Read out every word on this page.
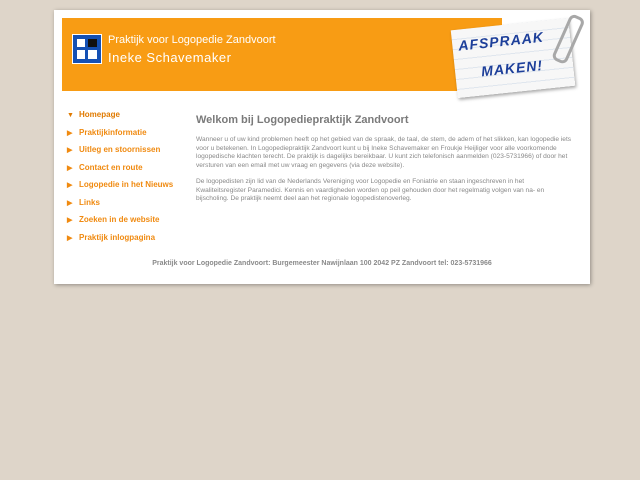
Praktijk voor Logopedie Zandvoort
Ineke Schavemaker
AFSPRAAK
MAKEN!
▼ Homepage
▶ Praktijkinformatie
▶ Uitleg en stoornissen
▶ Contact en route
▶ Logopedie in het Nieuws
▶ Links
▶ Zoeken in de website
▶ Praktijk inlogpagina
Welkom bij Logopediepraktijk Zandvoort

Wanneer u of uw kind problemen heeft op het gebied van de spraak, de taal, de stem, de adem of het slikken, kan logopedie iets voor u betekenen. In Logopediepraktijk Zandvoort kunt u bij Ineke Schavemaker en Froukje Heijliger voor alle voorkomende logopedische klachten terecht. De praktijk is dagelijks bereikbaar. U kunt zich telefonisch aanmelden (023-5731966) of door het versturen van een email met uw vraag en gegevens (via deze website).

De logopedisten zijn lid van de Nederlands Vereniging voor Logopedie en Foniatrie en staan ingeschreven in het Kwaliteitsregister Paramedici. Kennis en vaardigheden worden op peil gehouden door het regelmatig volgen van na- en bijscholing. De praktijk neemt deel aan het regionale logopedistenoverleg.

Praktijk voor Logopedie Zandvoort: Burgemeester Nawijnlaan 100 2042 PZ Zandvoort tel: 023-5731966
